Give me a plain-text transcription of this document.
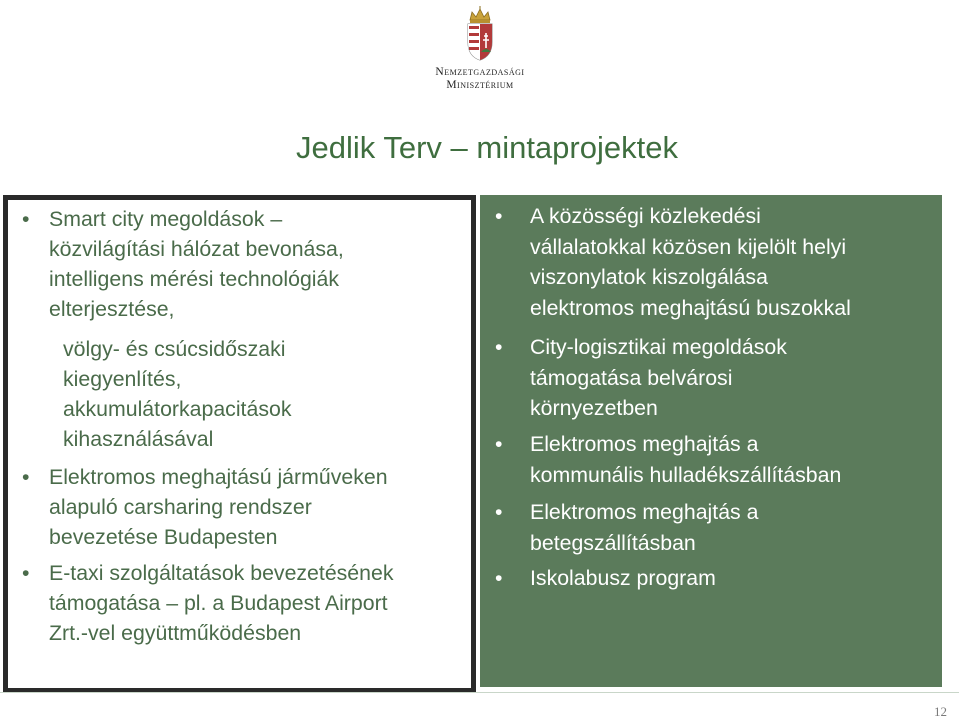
Nemzetgazdasági
Minisztérium
Jedlik Terv – mintaprojektek
• Smart city megoldások –
közvilágítási hálózat bevonása,
intelligens mérési technológiák
elterjesztése,
völgy- és csúcsidőszaki
kiegyenlítés,
akkumulátorkapacitások
kihasználásával
• Elektromos meghajtású járműveken
alapuló carsharing rendszer
bevezetése Budapesten
• E-taxi szolgáltatások bevezetésének
támogatása – pl. a Budapest Airport
Zrt.-vel együttműködésben
• A közösségi közlekedési
vállalatokkal közösen kijelölt helyi
viszonylatok kiszolgálása
elektromos meghajtású buszokkal
• City-logisztikai megoldások
támogatása belvárosi
környezetben
• Elektromos meghajtás a
kommunális hulladékszállításban
• Elektromos meghajtás a
betegszállításban
• Iskolabusz program
12
